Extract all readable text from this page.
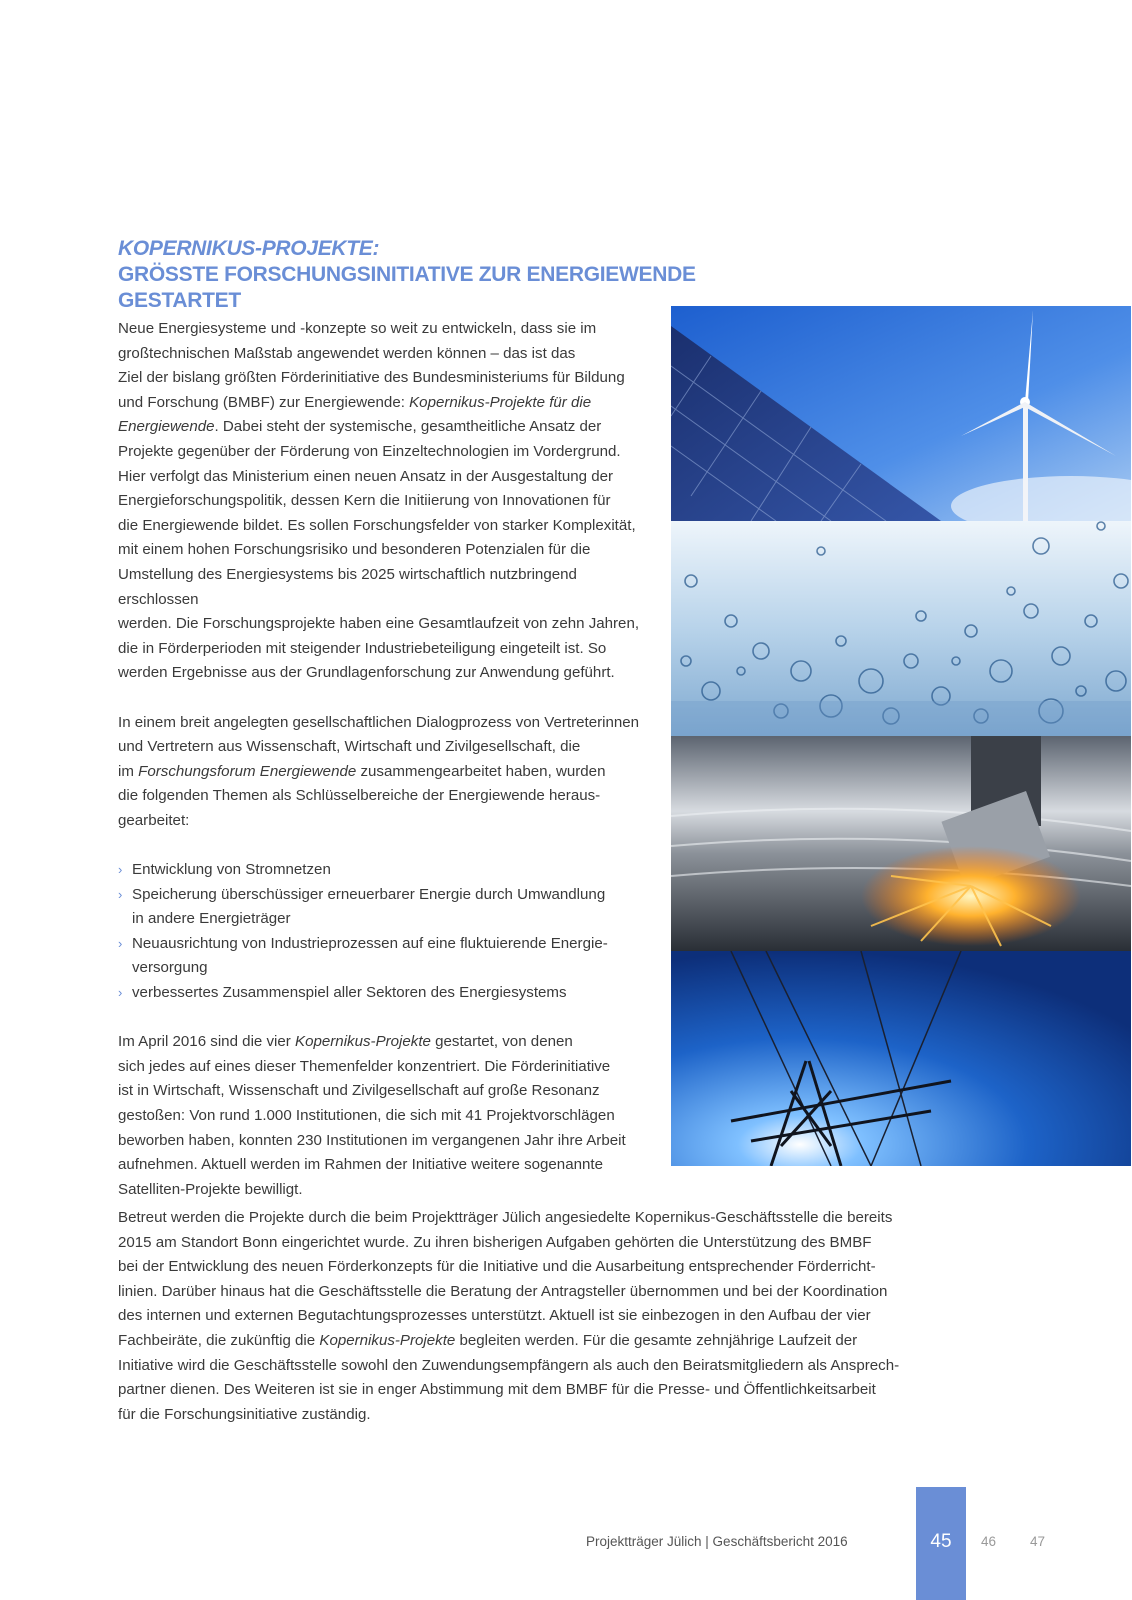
KOPERNIKUS-PROJEKTE:
GRÖSSTE FORSCHUNGSINITIATIVE ZUR ENERGIEWENDE GESTARTET

Neue Energiesysteme und -konzepte so weit zu entwickeln, dass sie im
großtechnischen Maßstab angewendet werden können – das ist das
Ziel der bislang größten Förderinitiative des Bundesministeriums für Bildung
und Forschung (BMBF) zur Energiewende: Kopernikus-Projekte für die
Energiewende. Dabei steht der systemische, gesamtheitliche Ansatz der
Projekte gegenüber der Förderung von Einzeltechnologien im Vordergrund.
Hier verfolgt das Ministerium einen neuen Ansatz in der Ausgestaltung der
Energieforschungspolitik, dessen Kern die Initiierung von Innovationen für
die Energiewende bildet. Es sollen Forschungsfelder von starker Komplexität,
mit einem hohen Forschungsrisiko und besonderen Potenzialen für die
Umstellung des Energiesystems bis 2025 wirtschaftlich nutzbringend erschlossen
werden. Die Forschungsprojekte haben eine Gesamtlaufzeit von zehn Jahren,
die in Förderperioden mit steigender Industriebeteiligung eingeteilt ist. So
werden Ergebnisse aus der Grundlagenforschung zur Anwendung geführt.

In einem breit angelegten gesellschaftlichen Dialogprozess von Vertreterinnen
und Vertretern aus Wissenschaft, Wirtschaft und Zivilgesellschaft, die
im Forschungsforum Energiewende zusammengearbeitet haben, wurden
die folgenden Themen als Schlüsselbereiche der Energiewende heraus-
gearbeitet:

› Entwicklung von Stromnetzen
› Speicherung überschüssiger erneuerbarer Energie durch Umwandlung
in andere Energieträger
› Neuausrichtung von Industrieprozessen auf eine fluktuierende Energie-
versorgung
› verbessertes Zusammenspiel aller Sektoren des Energiesystems

Im April 2016 sind die vier Kopernikus-Projekte gestartet, von denen
sich jedes auf eines dieser Themenfelder konzentriert. Die Förderinitiative
ist in Wirtschaft, Wissenschaft und Zivilgesellschaft auf große Resonanz
gestoßen: Von rund 1.000 Institutionen, die sich mit 41 Projektvorschlägen
beworben haben, konnten 230 Institutionen im vergangenen Jahr ihre Arbeit
aufnehmen. Aktuell werden im Rahmen der Initiative weitere sogenannte
Satelliten-Projekte bewilligt.

Betreut werden die Projekte durch die beim Projektträger Jülich angesiedelte Kopernikus-Geschäftsstelle die bereits
2015 am Standort Bonn eingerichtet wurde. Zu ihren bisherigen Aufgaben gehörten die Unterstützung des BMBF
bei der Entwicklung des neuen Förderkonzepts für die Initiative und die Ausarbeitung entsprechender Förderricht-
linien. Darüber hinaus hat die Geschäftsstelle die Beratung der Antragsteller übernommen und bei der Koordination
des internen und externen Begutachtungsprozesses unterstützt. Aktuell ist sie einbezogen in den Aufbau der vier
Fachbeiräte, die zukünftig die Kopernikus-Projekte begleiten werden. Für die gesamte zehnjährige Laufzeit der
Initiative wird die Geschäftsstelle sowohl den Zuwendungsempfängern als auch den Beiratsmitgliedern als Ansprech-
partner dienen. Des Weiteren ist sie in enger Abstimmung mit dem BMBF für die Presse- und Öffentlichkeitsarbeit
für die Forschungsinitiative zuständig.

Projektträger Jülich | Geschäftsbericht 2016	45	46	47
